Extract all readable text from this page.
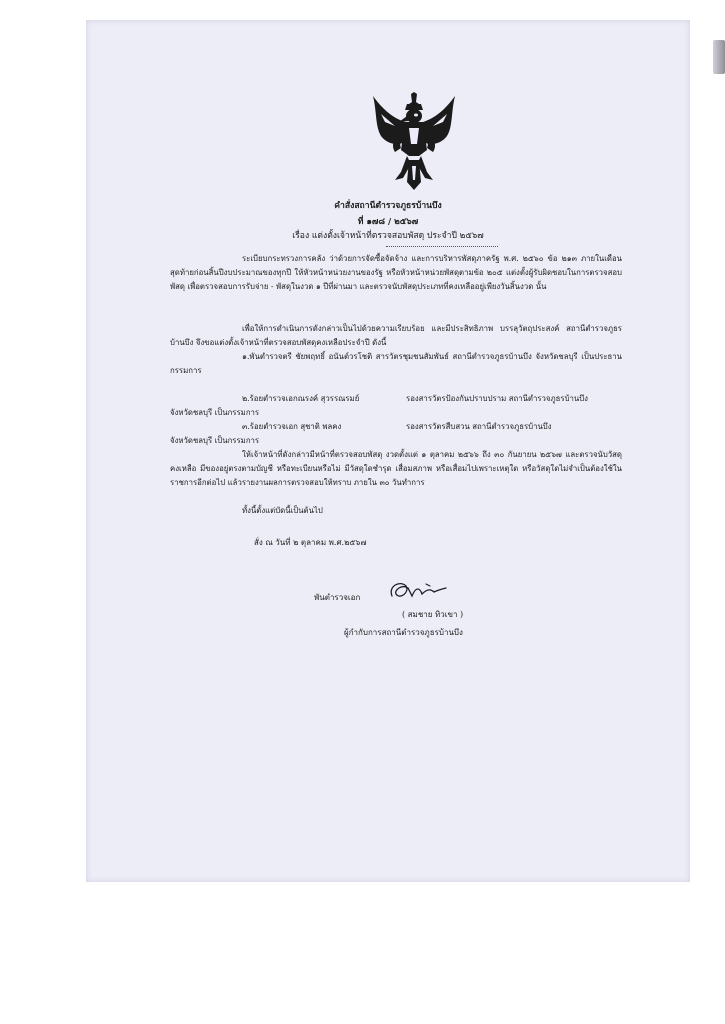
คำสั่งสถานีตำรวจภูธรบ้านบึง
ที่ ๑๗๘ / ๒๕๖๗
เรื่อง แต่งตั้งเจ้าหน้าที่ตรวจสอบพัสดุ ประจำปี ๒๕๖๗

ระเบียบกระทรวงการคลัง ว่าด้วยการจัดซื้อจัดจ้าง และการบริหารพัสดุภาครัฐ พ.ศ. ๒๕๖๐ ข้อ ๒๑๓ ภายในเดือนสุดท้ายก่อนสิ้นปีงบประมาณของทุกปี ให้หัวหน้าหน่วยงานของรัฐ หรือหัวหน้าหน่วยพัสดุตามข้อ ๒๐๕ แต่งตั้งผู้รับผิดชอบในการตรวจสอบพัสดุ เพื่อตรวจสอบการรับจ่าย - พัสดุในงวด ๑ ปีที่ผ่านมา และตรวจนับพัสดุประเภทที่คงเหลืออยู่เพียงวันสิ้นงวด นั้น

เพื่อให้การดำเนินการดังกล่าวเป็นไปด้วยความเรียบร้อย และมีประสิทธิภาพ บรรลุวัตถุประสงค์ สถานีตำรวจภูธรบ้านบึง จึงขอแต่งตั้งเจ้าหน้าที่ตรวจสอบพัสดุคงเหลือประจำปี ดังนี้

๑.พันตำรวจตรี ชัยพฤทธิ์ อนันต์วรโชติ สารวัตรชุมชนสัมพันธ์ สถานีตำรวจภูธรบ้านบึง จังหวัดชลบุรี เป็นประธานกรรมการ

๒.ร้อยตำรวจเอกณรงค์ สุวรรณรมย์	รองสารวัตรป้องกันปราบปราม สถานีตำรวจภูธรบ้านบึง
จังหวัดชลบุรี เป็นกรรมการ
๓.ร้อยตำรวจเอก สุชาติ พลคง	รองสารวัตรสืบสวน สถานีตำรวจภูธรบ้านบึง
จังหวัดชลบุรี เป็นกรรมการ

ให้เจ้าหน้าที่ดังกล่าวมีหน้าที่ตรวจสอบพัสดุ งวดตั้งแต่ ๑ ตุลาคม ๒๕๖๖ ถึง ๓๐ กันยายน ๒๕๖๗ และตรวจนับวัสดุคงเหลือ มีของอยู่ตรงตามบัญชี หรือทะเบียนหรือไม่ มีวัสดุใดชำรุด เสื่อมสภาพ หรือเสื่อมไปเพราะเหตุใด หรือวัสดุใดไม่จำเป็นต้องใช้ในราชการอีกต่อไป แล้วรายงานผลการตรวจสอบให้ทราบ ภายใน ๓๐ วันทำการ

ทั้งนี้ตั้งแต่บัดนี้เป็นต้นไป

สั่ง ณ วันที่ ๒ ตุลาคม พ.ศ.๒๕๖๗
พันตำรวจเอก
( สมชาย ทิวเขา )
ผู้กำกับการสถานีตำรวจภูธรบ้านบึง
